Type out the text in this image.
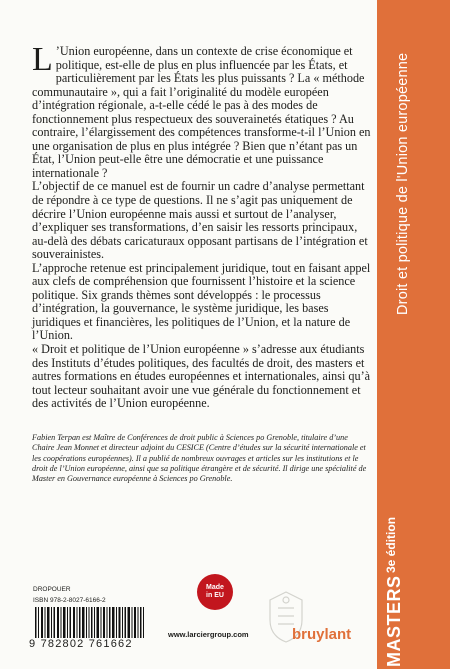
Droit et politique de l'Union européenne
MASTERS
3e édition

L ’Union européenne, dans un contexte de crise économique et politique, est-elle de plus en plus influencée par les États, et particulièrement par les États les plus puissants ? La « méthode communautaire », qui a fait l’originalité du modèle européen d’intégration régionale, a-t-elle cédé le pas à des modes de fonctionnement plus respectueux des souverainetés étatiques ? Au contraire, l’élargissement des compétences transforme-t-il l’Union en une organisation de plus en plus intégrée ? Bien que n’étant pas un État, l’Union peut-elle être une démocratie et une puissance internationale ?

L’objectif de ce manuel est de fournir un cadre d’analyse permettant de répondre à ce type de questions. Il ne s’agit pas uniquement de décrire l’Union européenne mais aussi et surtout de l’analyser, d’expliquer ses transformations, d’en saisir les ressorts principaux, au-delà des débats caricaturaux opposant partisans de l’intégration et souverainistes.

L’approche retenue est principalement juridique, tout en faisant appel aux clefs de compréhension que fournissent l’histoire et la science politique. Six grands thèmes sont développés : le processus d’intégration, la gouvernance, le système juridique, les bases juridiques et financières, les politiques de l’Union, et la nature de l’Union.

« Droit et politique de l’Union européenne » s’adresse aux étudiants des Instituts d’études politiques, des facultés de droit, des masters et autres formations en études européennes et internationales, ainsi qu’à tout lecteur souhaitant avoir une vue générale du fonctionnement et des activités de l’Union européenne.

Fabien Terpan est Maître de Conférences de droit public à Sciences po Grenoble, titulaire d’une Chaire Jean Monnet et directeur adjoint du CESICE (Centre d’études sur la sécurité internationale et les coopérations européennes). Il a publié de nombreux ouvrages et articles sur les institutions et le droit de l’Union européenne, ainsi que sa politique étrangère et de sécurité. Il dirige une spécialité de Master en Gouvernance européenne à Sciences po Grenoble.

Made
in EU
DROPOUER
ISBN 978-2-8027-6166-2
9 782802 761662
www.larciergroup.com	bruylant
